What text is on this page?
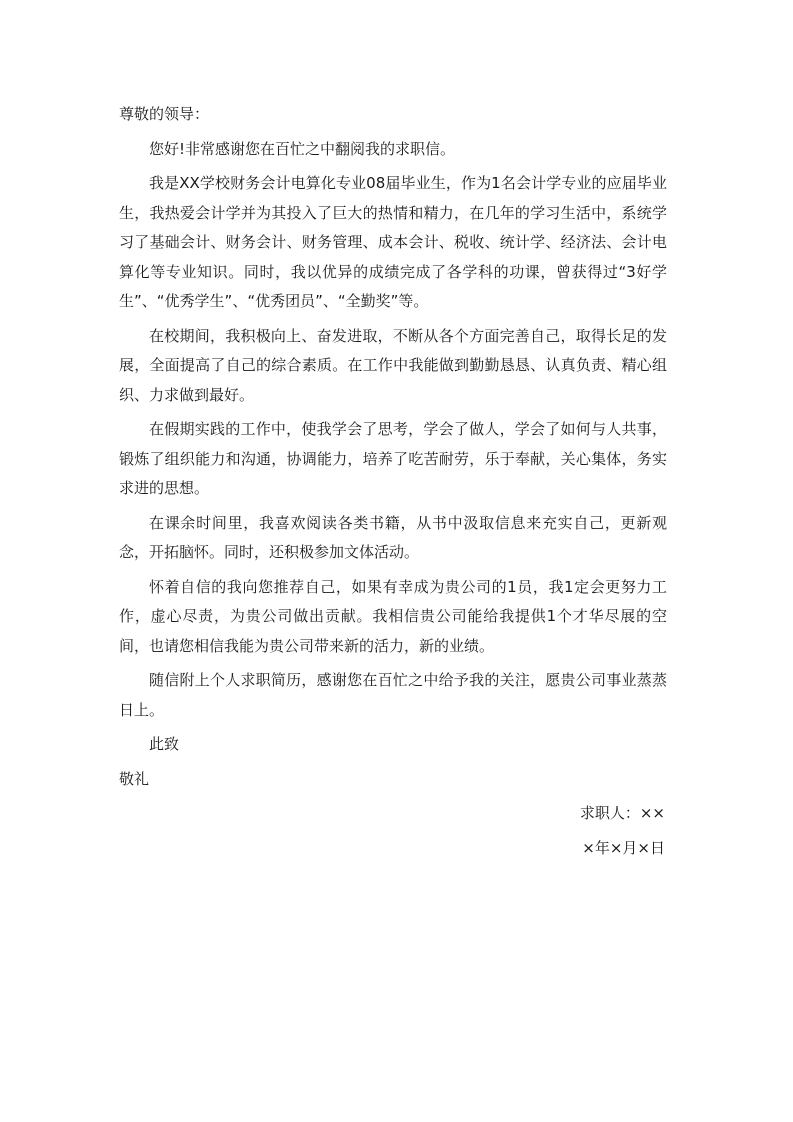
尊敬的领导：

您好!非常感谢您在百忙之中翻阅我的求职信。

我是XX学校财务会计电算化专业08届毕业生，作为1名会计学专业的应届毕业生，我热爱会计学并为其投入了巨大的热情和精力，在几年的学习生活中，系统学习了基础会计、财务会计、财务管理、成本会计、税收、统计学、经济法、会计电算化等专业知识。同时，我以优异的成绩完成了各学科的功课，曾获得过“3好学生”、“优秀学生”、“优秀团员”、“全勤奖”等。

在校期间，我积极向上、奋发进取，不断从各个方面完善自己，取得长足的发展，全面提高了自己的综合素质。在工作中我能做到勤勤恳恳、认真负责、精心组织、力求做到最好。

在假期实践的工作中，使我学会了思考，学会了做人，学会了如何与人共事，锻炼了组织能力和沟通，协调能力，培养了吃苦耐劳，乐于奉献，关心集体，务实求进的思想。

在课余时间里，我喜欢阅读各类书籍，从书中汲取信息来充实自己，更新观念，开拓脑怀。同时，还积极参加文体活动。

怀着自信的我向您推荐自己，如果有幸成为贵公司的1员，我1定会更努力工作，虚心尽责，为贵公司做出贡献。我相信贵公司能给我提供1个才华尽展的空间，也请您相信我能为贵公司带来新的活力，新的业绩。

随信附上个人求职简历，感谢您在百忙之中给予我的关注，愿贵公司事业蒸蒸日上。

此致

敬礼

求职人：××

×年×月×日
